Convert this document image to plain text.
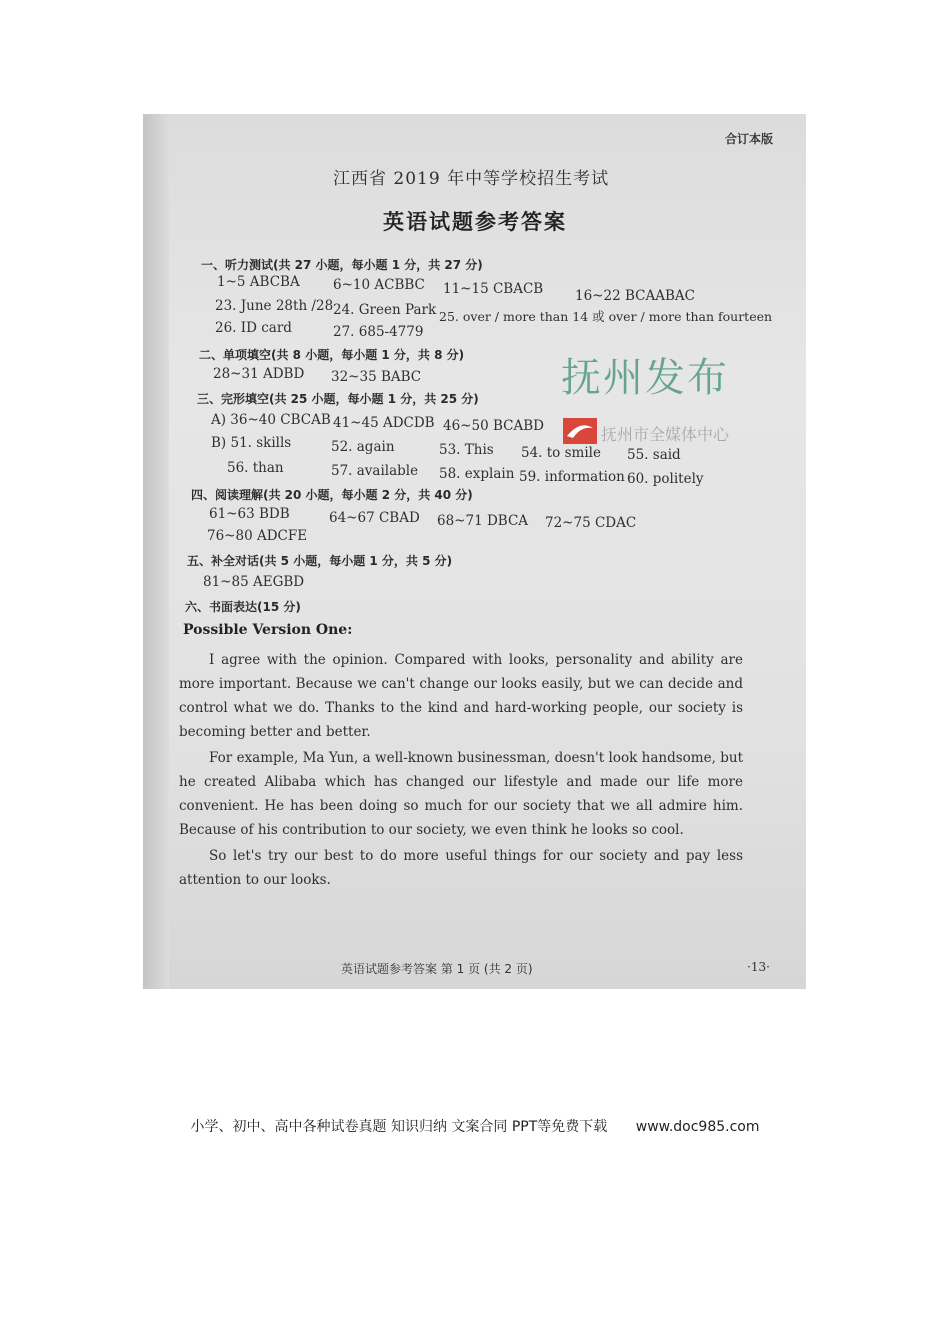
合订本版
江西省 2019 年中等学校招生考试
英语试题参考答案
一、听力测试(共 27 小题，每小题 1 分，共 27 分)
1~5 ABCBA 6~10 ACBBC 11~15 CBACB 16~22 BCAABAC
23. June 28th /28 24. Green Park 25. over / more than 14 或 over / more than fourteen
26. ID card	27. 685-4779
二、单项填空(共 8 小题，每小题 1 分，共 8 分)
28~31 ADBD 32~35 BABC
三、完形填空(共 25 小题，每小题 1 分，共 25 分)
A) 36~40 CBCAB 41~45 ADCDB 46~50 BCABD
B) 51. skills	52. again	53. This 54. to smile 55. said
56. than	57. available 58. explain 59. information 60. politely
四、阅读理解(共 20 小题，每小题 2 分，共 40 分)
61~63 BDB	64~67 CBAD 68~71 DBCA 72~75 CDAC
76~80 ADCFE
五、补全对话(共 5 小题，每小题 1 分，共 5 分)
81~85 AEGBD
六、书面表达(15 分)
Possible Version One:
I agree with the opinion. Compared with looks, personality and ability are more important. Because we can't change our looks easily, but we can decide and control what we do. Thanks to the kind and hard-working people, our society is becoming better and better.
For example, Ma Yun, a well-known businessman, doesn't look handsome, but he created Alibaba which has changed our lifestyle and made our life more convenient. He has been doing so much for our society that we all admire him. Because of his contribution to our society, we even think he looks so cool.
So let's try our best to do more useful things for our society and pay less attention to our looks.
英语试题参考答案 第 1 页 (共 2 页)	·13·
抚州发布
抚州市全媒体中心
小学、初中、高中各种试卷真题 知识归纳 文案合同 PPT等免费下载 www.doc985.com
